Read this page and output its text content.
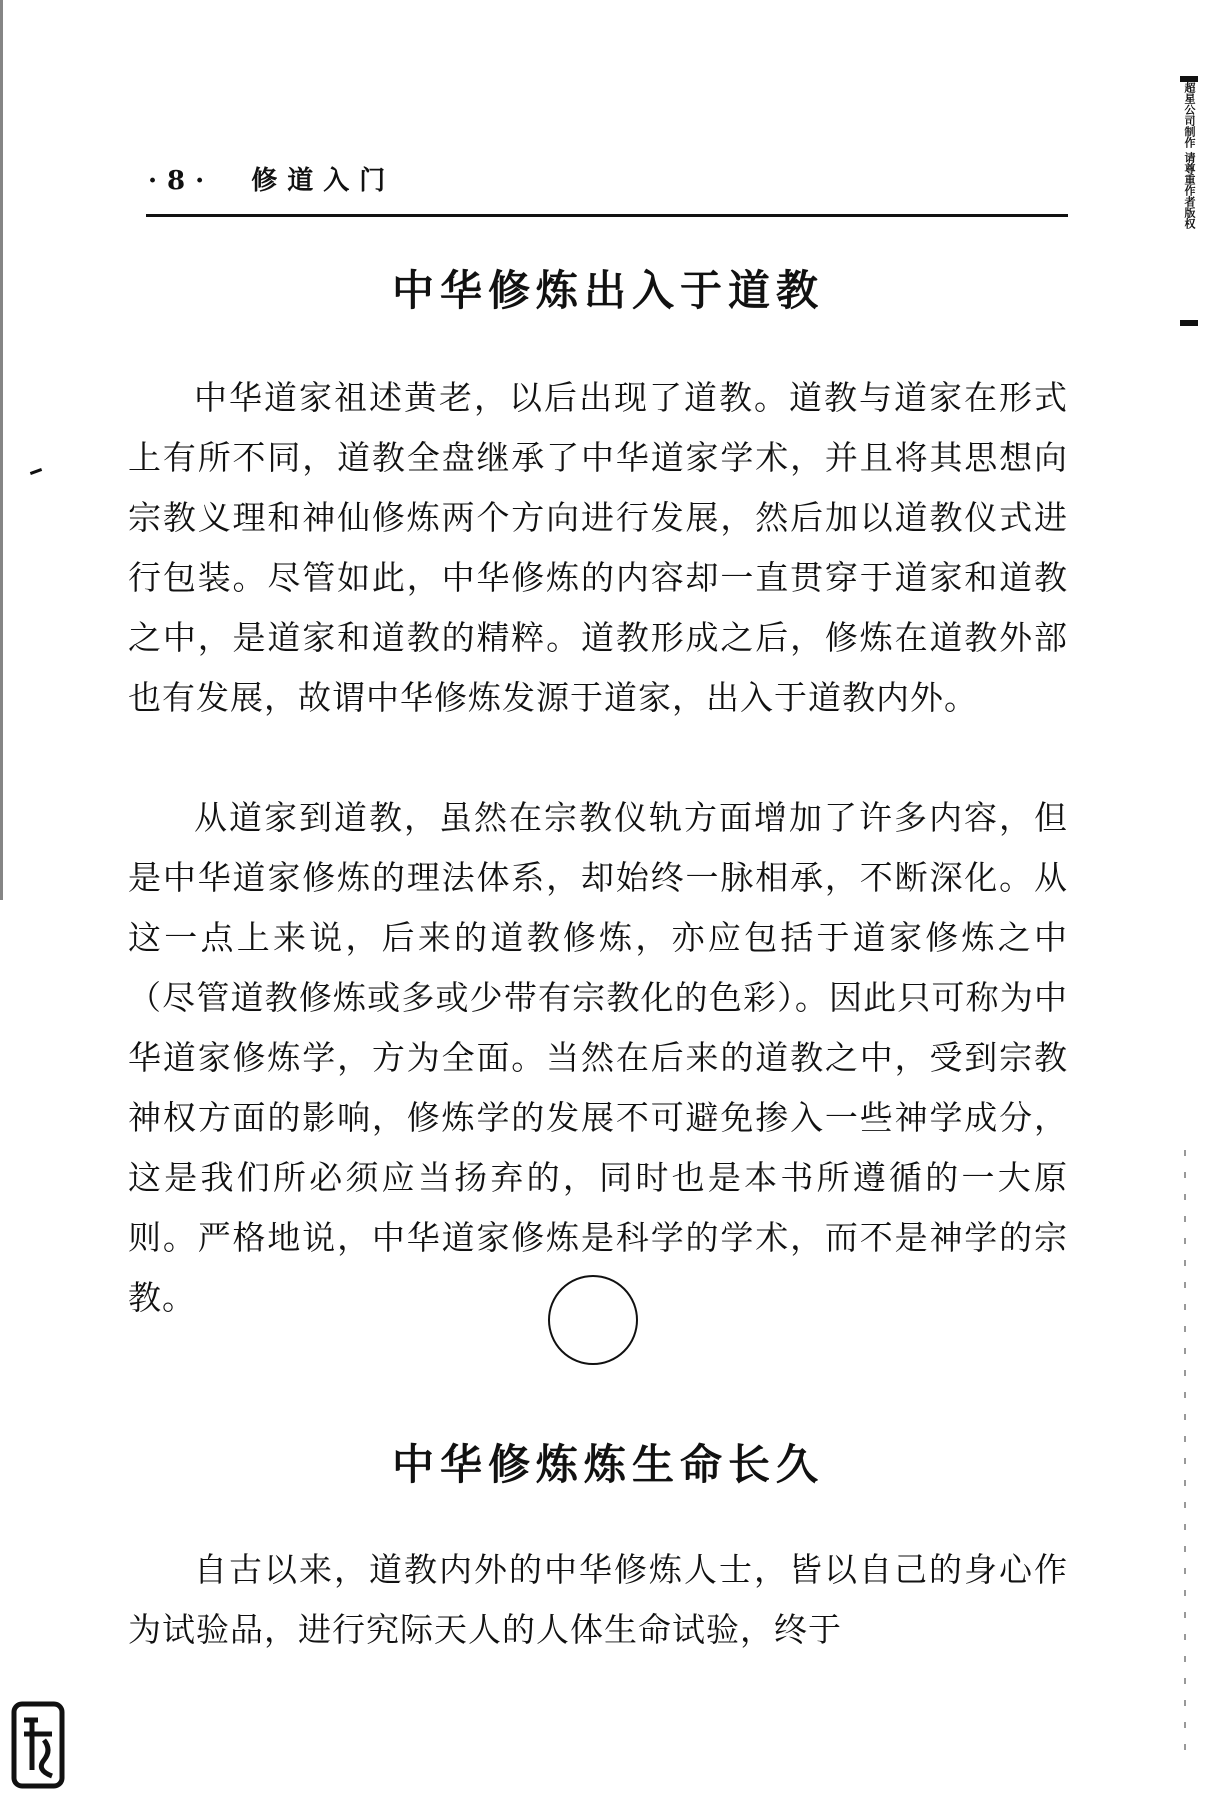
·8· 修道入门	超星公司制作 请尊重作者版权
中华修炼出入于道教

中华道家祖述黄老，以后出现了道教。道教与道家在形式上有所不同，道教全盘继承了中华道家学术，并且将其思想向宗教义理和神仙修炼两个方向进行发展，然后加以道教仪式进行包装。尽管如此，中华修炼的内容却一直贯穿于道家和道教之中，是道家和道教的精粹。道教形成之后，修炼在道教外部也有发展，故谓中华修炼发源于道家，出入于道教内外。

从道家到道教，虽然在宗教仪轨方面增加了许多内容，但是中华道家修炼的理法体系，却始终一脉相承，不断深化。从这一点上来说，后来的道教修炼，亦应包括于道家修炼之中（尽管道教修炼或多或少带有宗教化的色彩）。因此只可称为中华道家修炼学，方为全面。当然在后来的道教之中，受到宗教神权方面的影响，修炼学的发展不可避免掺入一些神学成分，这是我们所必须应当扬弃的，同时也是本书所遵循的一大原则。严格地说，中华道家修炼是科学的学术，而不是神学的宗教。

中华修炼炼生命长久

自古以来，道教内外的中华修炼人士，皆以自己的身心作为试验品，进行究际天人的人体生命试验，终于
